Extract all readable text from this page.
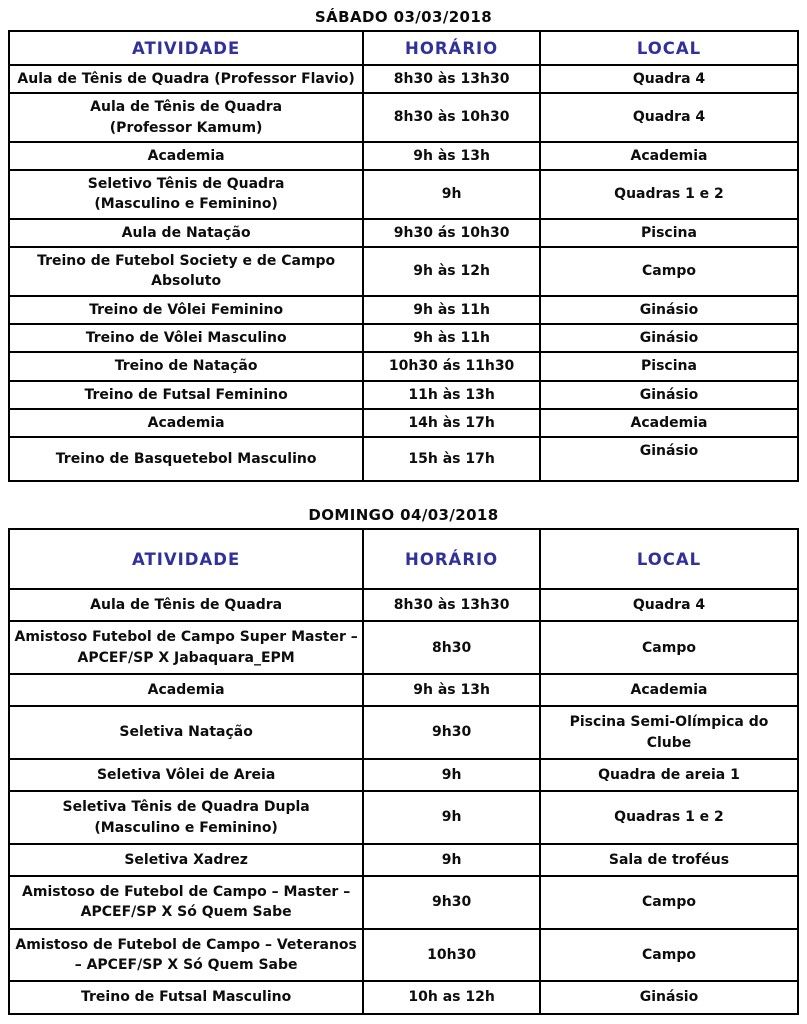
SÁBADO 03/03/2018
ATIVIDADE	HORÁRIO	LOCAL
Aula de Tênis de Quadra (Professor Flavio)	8h30 às 13h30	Quadra 4
Aula de Tênis de Quadra
(Professor Kamum)	8h30 às 10h30	Quadra 4
Academia	9h às 13h	Academia
Seletivo Tênis de Quadra
(Masculino e Feminino)	9h	Quadras 1 e 2
Aula de Natação	9h30 ás 10h30	Piscina
Treino de Futebol Society e de Campo
Absoluto	9h às 12h	Campo
Treino de Vôlei Feminino	9h às 11h	Ginásio
Treino de Vôlei Masculino	9h às 11h	Ginásio
Treino de Natação	10h30 ás 11h30	Piscina
Treino de Futsal Feminino	11h às 13h	Ginásio
Academia	14h às 17h	Academia
Treino de Basquetebol Masculino	15h às 17h	Ginásio
DOMINGO 04/03/2018
ATIVIDADE	HORÁRIO	LOCAL
Aula de Tênis de Quadra	8h30 às 13h30	Quadra 4
Amistoso Futebol de Campo Super Master –
APCEF/SP X Jabaquara_EPM	8h30	Campo
Academia	9h às 13h	Academia
Seletiva Natação	9h30	Piscina Semi-Olímpica do Clube
Seletiva Vôlei de Areia	9h	Quadra de areia 1
Seletiva Tênis de Quadra Dupla
(Masculino e Feminino)	9h	Quadras 1 e 2
Seletiva Xadrez	9h	Sala de troféus
Amistoso de Futebol de Campo – Master –
APCEF/SP X Só Quem Sabe	9h30	Campo
Amistoso de Futebol de Campo – Veteranos
– APCEF/SP X Só Quem Sabe	10h30	Campo
Treino de Futsal Masculino	10h as 12h	Ginásio
